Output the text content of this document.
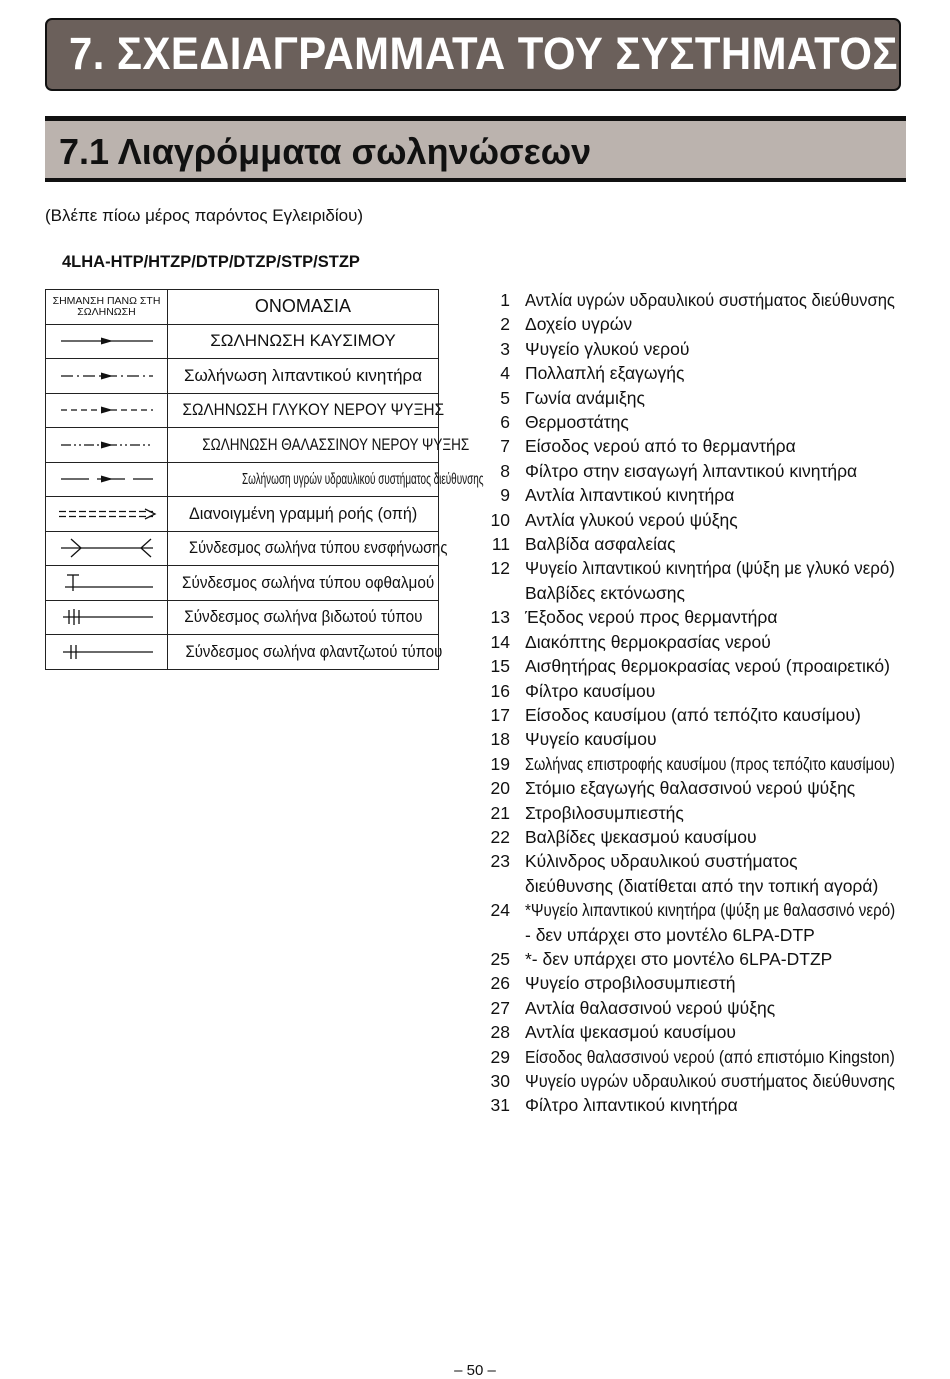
7. ΣΧΕΔΙΑΓΡΑΜΜΑΤΑ ΤΟΥ ΣΥΣΤΗΜΑΤΟΣ
7.1 Λιαγρόμματα σωληνώσεων
(Βλέπε πίοω μέρος παρόντος Εγλειριδίου)
4LHA-HTP/HTZP/DTP/DTZP/STP/STZP
ΣΗΜΑΝΣΗ ΠΑΝΩ ΣΤΗ ΣΩΛΗΝΩΣΗ	ΟΝΟΜΑΣΙΑ

	ΣΩΛΗΝΩΣΗ ΚΑΥΣΙΜΟΥ

	Σωλήνωση λιπαντικού κινητήρα

	ΣΩΛΗΝΩΣΗ ΓΛΥΚΟΥ ΝΕΡΟΥ ΨΥΞΗΣ

	ΣΩΛΗΝΩΣΗ ΘΑΛΑΣΣΙΝΟΥ ΝΕΡΟΥ ΨΥΞΗΣ

	Σωλήνωση υγρών υδραυλικού συστήματος διεύθυνσης

	Διανοιγμένη γραμμή ροής (οπή)

	Σύνδεσμος σωλήνα τύπου ενσφήνωσης

	Σύνδεσμος σωλήνα τύπου οφθαλμού

	Σύνδεσμος σωλήνα βιδωτού τύπου

	Σύνδεσμος σωλήνα φλαντζωτού τύπου
1 Αντλία υγρών υδραυλικού συστήματος διεύθυνσης
2 Δοχείο υγρών
3 Ψυγείο γλυκού νερού
4 Πολλαπλή εξαγωγής
5 Γωνία ανάμιξης
6 Θερμοστάτης
7 Είσοδος νερού από το θερμαντήρα
8 Φίλτρο στην εισαγωγή λιπαντικού κινητήρα
9 Αντλία λιπαντικού κινητήρα
10 Αντλία γλυκού νερού ψύξης
11 Βαλβίδα ασφαλείας
12 Ψυγείο λιπαντικού κινητήρα (ψύξη με γλυκό νερό)
Βαλβίδες εκτόνωσης
13 Έξοδος νερού προς θερμαντήρα
14 Διακόπτης θερμοκρασίας νερού
15 Αισθητήρας θερμοκρασίας νερού (προαιρετικό)
16 Φίλτρο καυσίμου
17 Είσοδος καυσίμου (από τεπόζιτο καυσίμου)
18 Ψυγείο καυσίμου
19 Σωλήνας επιστροφής καυσίμου (προς τεπόζιτο καυσίμου)
20 Στόμιο εξαγωγής θαλασσινού νερού ψύξης
21 Στροβιλοσυμπιεστής
22 Βαλβίδες ψεκασμού καυσίμου
23 Κύλινδρος υδραυλικού συστήματος
διεύθυνσης (διατίθεται από την τοπική αγορά)
24 *Ψυγείο λιπαντικού κινητήρα (ψύξη με θαλασσινό νερό)
- δεν υπάρχει στο μοντέλο 6LPA-DTP
25 *- δεν υπάρχει στο μοντέλο 6LPA-DTZP
26 Ψυγείο στροβιλοσυμπιεστή
27 Αντλία θαλασσινού νερού ψύξης
28 Αντλία ψεκασμού καυσίμου
29 Είσοδος θαλασσινού νερού (από επιστόμιο Kingston)
30 Ψυγείο υγρών υδραυλικού συστήματος διεύθυνσης
31 Φίλτρο λιπαντικού κινητήρα
– 50 –
